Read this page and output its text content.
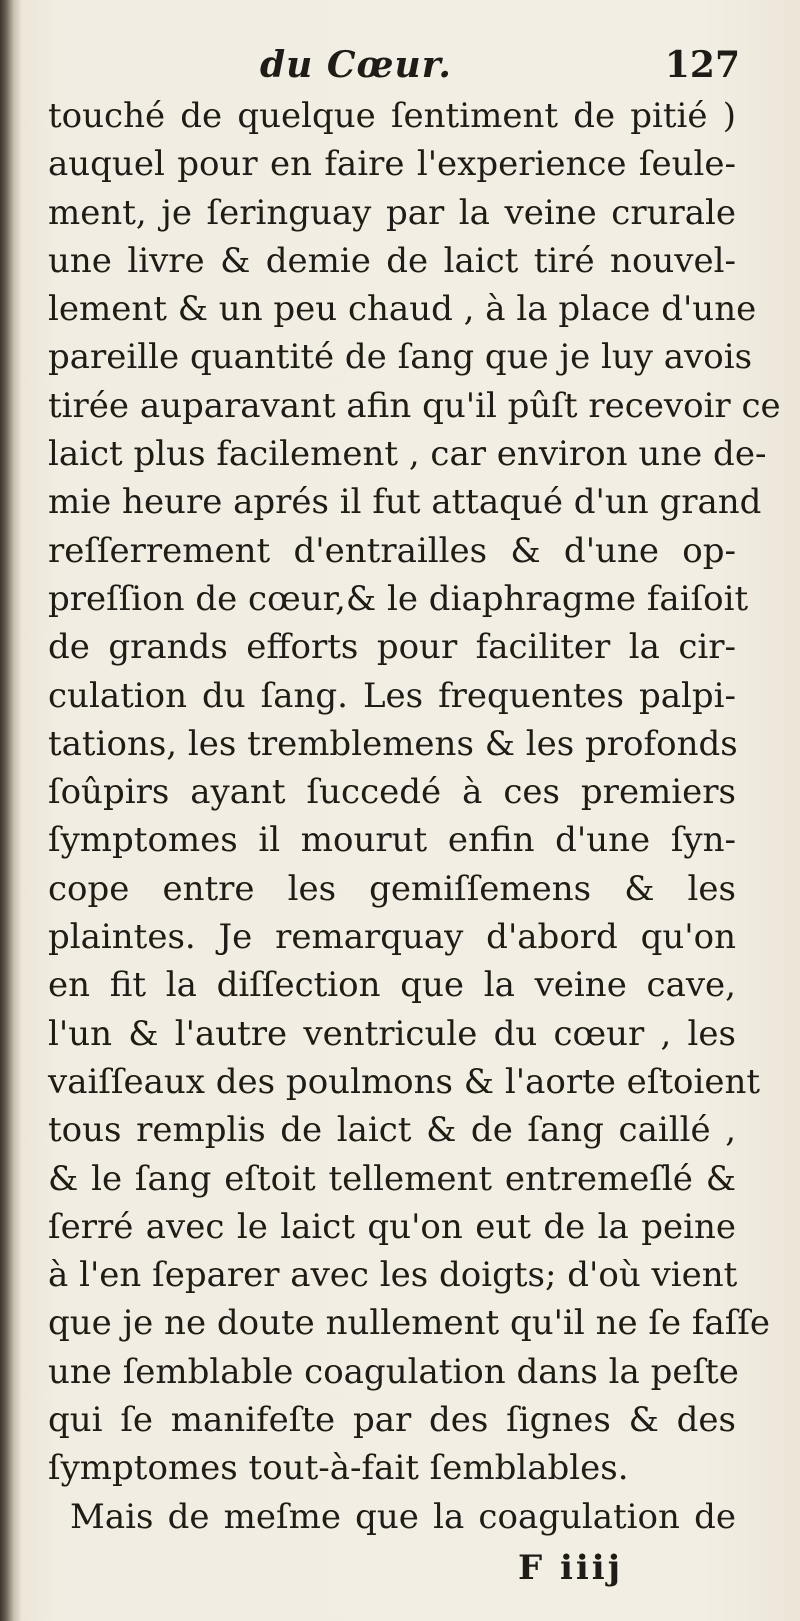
du Cœur.	127
touché de quelque ſentiment de pitié )
auquel pour en faire l'experience ſeule-
ment, je ſeringuay par la veine crurale
une livre & demie de laict tiré nouvel-
lement & un peu chaud , à la place d'une
pareille quantité de ſang que je luy avois
tirée auparavant afin qu'il pûſt recevoir ce
laict plus facilement , car environ une de-
mie heure aprés il fut attaqué d'un grand
reſſerrement d'entrailles & d'une op-
preſſion de cœur,& le diaphragme faiſoit
de grands efforts pour faciliter la cir-
culation du ſang. Les frequentes palpi-
tations, les tremblemens & les profonds
ſoûpirs ayant ſuccedé à ces premiers
ſymptomes il mourut enfin d'une ſyn-
cope entre les gemiſſemens & les
plaintes. Je remarquay d'abord qu'on
en fit la diſſection que la veine cave,
l'un & l'autre ventricule du cœur , les
vaiſſeaux des poulmons & l'aorte eſtoient
tous remplis de laict & de ſang caillé ,
& le ſang eſtoit tellement entremeſlé &
ſerré avec le laict qu'on eut de la peine
à l'en ſeparer avec les doigts; d'où vient
que je ne doute nullement qu'il ne ſe faſſe
une ſemblable coagulation dans la peſte
qui ſe manifeſte par des ſignes & des
ſymptomes tout-à-fait ſemblables.
Mais de meſme que la coagulation de
F iiij
